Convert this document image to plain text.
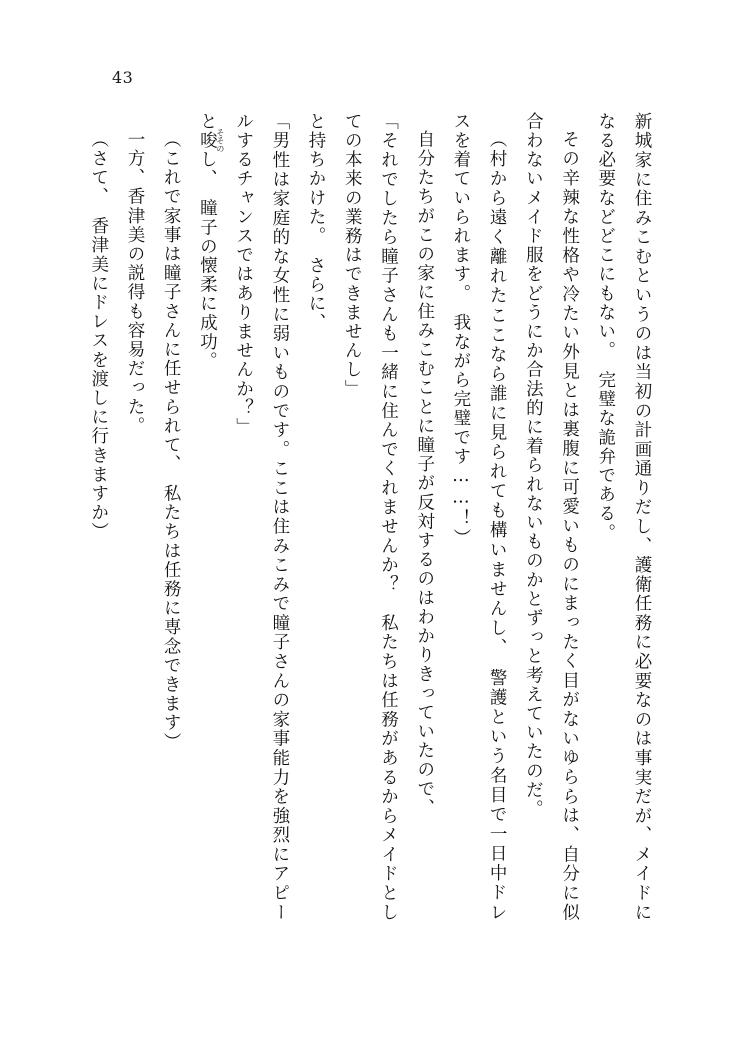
43

新城家に住みこむというのは当初の計画通りだし、護衛任務に必要なのは事実だが、メイドになる必要などどこにもない。　完璧な詭弁である。

その辛辣な性格や冷たい外見とは裏腹に可愛いものにまったく目がないゆららは、自分に似合わないメイド服をどうにか合法的に着られないものかとずっと考えていたのだ。

（村から遠く離れたここなら誰に見られても構いませんし、　警護という名目で一日中ドレスを着ていられます。　我ながら完璧です……！）

自分たちがこの家に住みこむことに瞳子が反対するのはわかりきっていたので、

「それでしたら瞳子さんも一緒に住んでくれませんか？　私たちは任務があるからメイドとしての本来の業務はできませんし」

と持ちかけた。　さらに、

「男性は家庭的な女性に弱いものです。ここは住みこみで瞳子さんの家事能力を強烈にアピールするチャンスではありませんか？」

と唆そそのし、　瞳子の懐柔に成功。

（これで家事は瞳子さんに任せられて、　私たちは任務に専念できます）

一方、香津美の説得も容易だった。

（さて、　香津美にドレスを渡しに行きますか）
